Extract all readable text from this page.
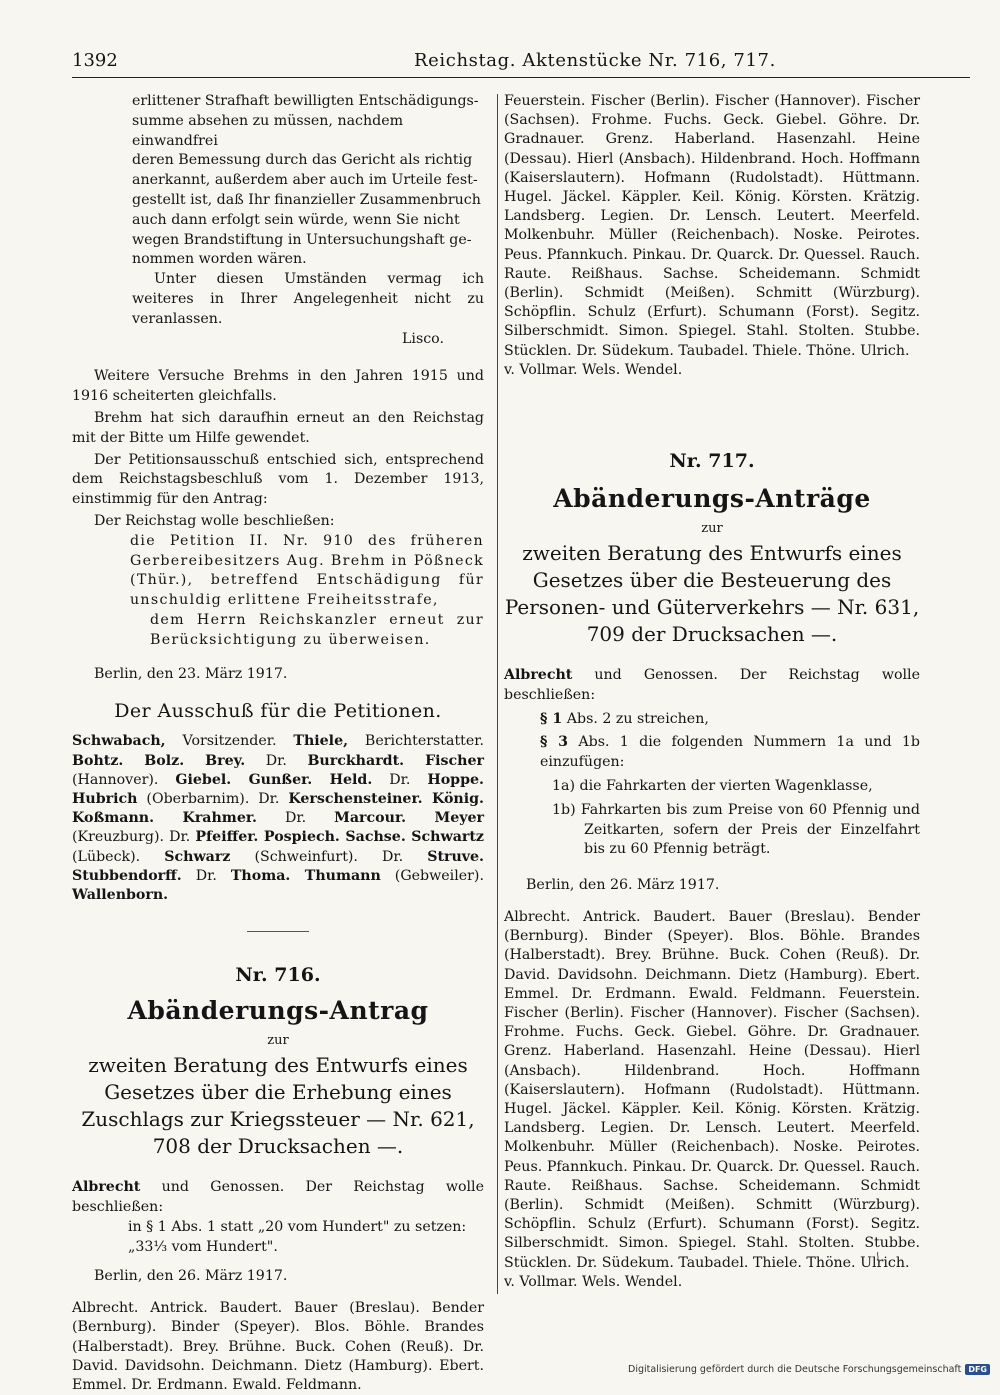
1392	Reichstag. Aktenstücke Nr. 716, 717.
erlittener Strafhaft bewilligten Entschädigungs-
summe absehen zu müssen, nachdem einwandfrei
deren Bemessung durch das Gericht als richtig
anerkannt, außerdem aber auch im Urteile fest-
gestellt ist, daß Ihr finanzieller Zusammenbruch
auch dann erfolgt sein würde, wenn Sie nicht
wegen Brandstiftung in Untersuchungshaft ge-
nommen worden wären.

Unter diesen Umständen vermag ich weiteres in Ihrer Angelegenheit nicht zu veranlassen.

Lisco.

Weitere Versuche Brehms in den Jahren 1915 und 1916 scheiterten gleichfalls.

Brehm hat sich daraufhin erneut an den Reichstag mit der Bitte um Hilfe gewendet.

Der Petitionsausschuß entschied sich, entsprechend dem Reichstagsbeschluß vom 1. Dezember 1913, einstimmig für den Antrag:

Der Reichstag wolle beschließen:

die Petition II. Nr. 910 des früheren Gerbereibesitzers Aug. Brehm in Pößneck (Thür.), betreffend Entschädigung für unschuldig erlittene Freiheitsstrafe,

dem Herrn Reichskanzler erneut zur Berücksichtigung zu überweisen.

Berlin, den 23. März 1917.

Der Ausschuß für die Petitionen.

Schwabach, Vorsitzender. Thiele, Berichterstatter. Bohtz. Bolz. Brey. Dr. Burckhardt. Fischer (Hannover). Giebel. Gunßer. Held. Dr. Hoppe. Hubrich (Oberbarnim). Dr. Kerschensteiner. König. Koßmann. Krahmer. Dr. Marcour. Meyer (Kreuzburg). Dr. Pfeiffer. Pospiech. Sachse. Schwartz (Lübeck). Schwarz (Schweinfurt). Dr. Struve. Stubbendorff. Dr. Thoma. Thumann (Gebweiler). Wallenborn.

Nr. 716.

Abänderungs-Antrag

zur

zweiten Beratung des Entwurfs eines Gesetzes über die Erhebung eines Zuschlags zur Kriegssteuer — Nr. 621, 708 der Drucksachen —.

Albrecht und Genossen. Der Reichstag wolle beschließen:

in § 1 Abs. 1 statt „20 vom Hundert" zu setzen:

„33⅓ vom Hundert".

Berlin, den 26. März 1917.

Albrecht. Antrick. Baudert. Bauer (Breslau). Bender (Bernburg). Binder (Speyer). Blos. Böhle. Brandes (Halberstadt). Brey. Brühne. Buck. Cohen (Reuß). Dr. David. Davidsohn. Deichmann. Dietz (Hamburg). Ebert. Emmel. Dr. Erdmann. Ewald. Feldmann.

Feuerstein. Fischer (Berlin). Fischer (Hannover). Fischer (Sachsen). Frohme. Fuchs. Geck. Giebel. Göhre. Dr. Gradnauer. Grenz. Haberland. Hasenzahl. Heine (Dessau). Hierl (Ansbach). Hildenbrand. Hoch. Hoffmann (Kaiserslautern). Hofmann (Rudolstadt). Hüttmann. Hugel. Jäckel. Käppler. Keil. König. Körsten. Krätzig. Landsberg. Legien. Dr. Lensch. Leutert. Meerfeld. Molkenbuhr. Müller (Reichenbach). Noske. Peirotes. Peus. Pfannkuch. Pinkau. Dr. Quarck. Dr. Quessel. Rauch. Raute. Reißhaus. Sachse. Scheidemann. Schmidt (Berlin). Schmidt (Meißen). Schmitt (Würzburg). Schöpflin. Schulz (Erfurt). Schumann (Forst). Segitz. Silberschmidt. Simon. Spiegel. Stahl. Stolten. Stubbe. Stücklen. Dr. Südekum. Taubadel. Thiele. Thöne. Ulrich.

v. Vollmar. Wels. Wendel.

Nr. 717.

Abänderungs-Anträge

zur

zweiten Beratung des Entwurfs eines Gesetzes über die Besteuerung des Personen- und Güterverkehrs — Nr. 631, 709 der Drucksachen —.

Albrecht und Genossen. Der Reichstag wolle beschließen:

§ 1 Abs. 2 zu streichen,

§ 3 Abs. 1 die folgenden Nummern 1a und 1b einzufügen:

1a) die Fahrkarten der vierten Wagenklasse,

1b) Fahrkarten bis zum Preise von 60 Pfennig und Zeitkarten, sofern der Preis der Einzelfahrt bis zu 60 Pfennig beträgt.

Berlin, den 26. März 1917.

Albrecht. Antrick. Baudert. Bauer (Breslau). Bender (Bernburg). Binder (Speyer). Blos. Böhle. Brandes (Halberstadt). Brey. Brühne. Buck. Cohen (Reuß). Dr. David. Davidsohn. Deichmann. Dietz (Hamburg). Ebert. Emmel. Dr. Erdmann. Ewald. Feldmann. Feuerstein. Fischer (Berlin). Fischer (Hannover). Fischer (Sachsen). Frohme. Fuchs. Geck. Giebel. Göhre. Dr. Gradnauer. Grenz. Haberland. Hasenzahl. Heine (Dessau). Hierl (Ansbach). Hildenbrand. Hoch. Hoffmann (Kaiserslautern). Hofmann (Rudolstadt). Hüttmann. Hugel. Jäckel. Käppler. Keil. König. Körsten. Krätzig. Landsberg. Legien. Dr. Lensch. Leutert. Meerfeld. Molkenbuhr. Müller (Reichenbach). Noske. Peirotes. Peus. Pfannkuch. Pinkau. Dr. Quarck. Dr. Quessel. Rauch. Raute. Reißhaus. Sachse. Scheidemann. Schmidt (Berlin). Schmidt (Meißen). Schmitt (Würzburg). Schöpflin. Schulz (Erfurt). Schumann (Forst). Segitz. Silberschmidt. Simon. Spiegel. Stahl. Stolten. Stubbe. Stücklen. Dr. Südekum. Taubadel. Thiele. Thöne. Ulrich.

v. Vollmar. Wels. Wendel.

Digitalisierung gefördert durch die Deutsche Forschungsgemeinschaft DFG
